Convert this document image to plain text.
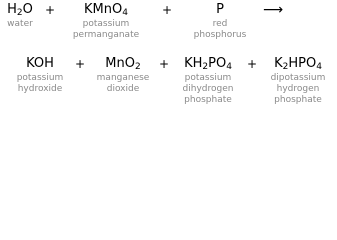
$H_2O$
water
+	KMnO$_4$
potassium
permanganate
+	P
red
phosphorus
⟶
KOH
potassium
hydroxide
+	MnO$_2$
manganese
dioxide
+	$KH_2PO_4$
potassium
dihydrogen
phosphate
+	$K_2HPO_4$
dipotassium
hydrogen
phosphate
